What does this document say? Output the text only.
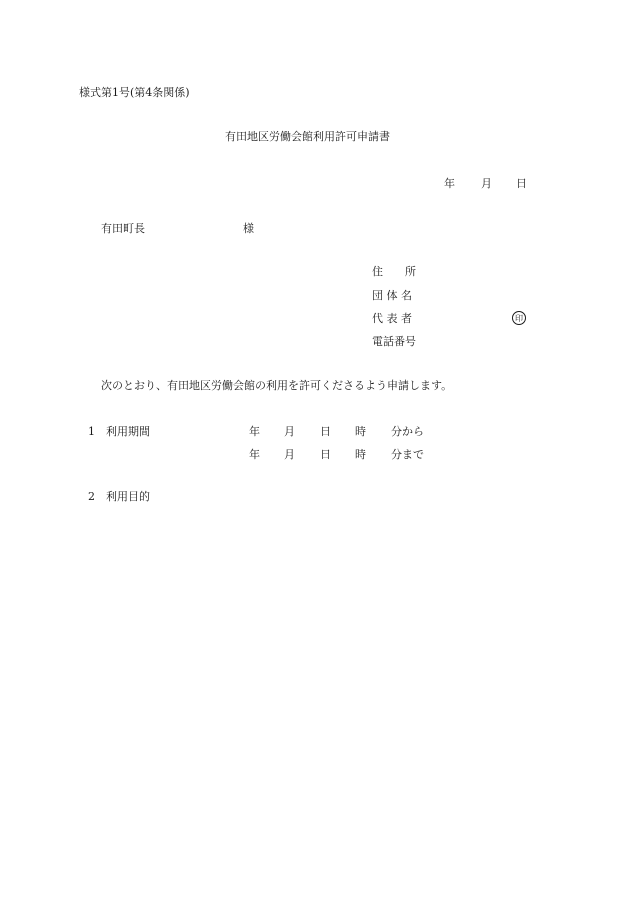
様式第1号(第4条関係)
有田地区労働会館利用許可申請書
年 月 日
有田町長	様
住　　所
団 体 名
代 表 者	印
電話番号
次のとおり、有田地区労働会館の利用を許可くださるよう申請します。
1 利用期間	年 月 日 時 分から
年 月 日 時 分まで
2 利用目的
